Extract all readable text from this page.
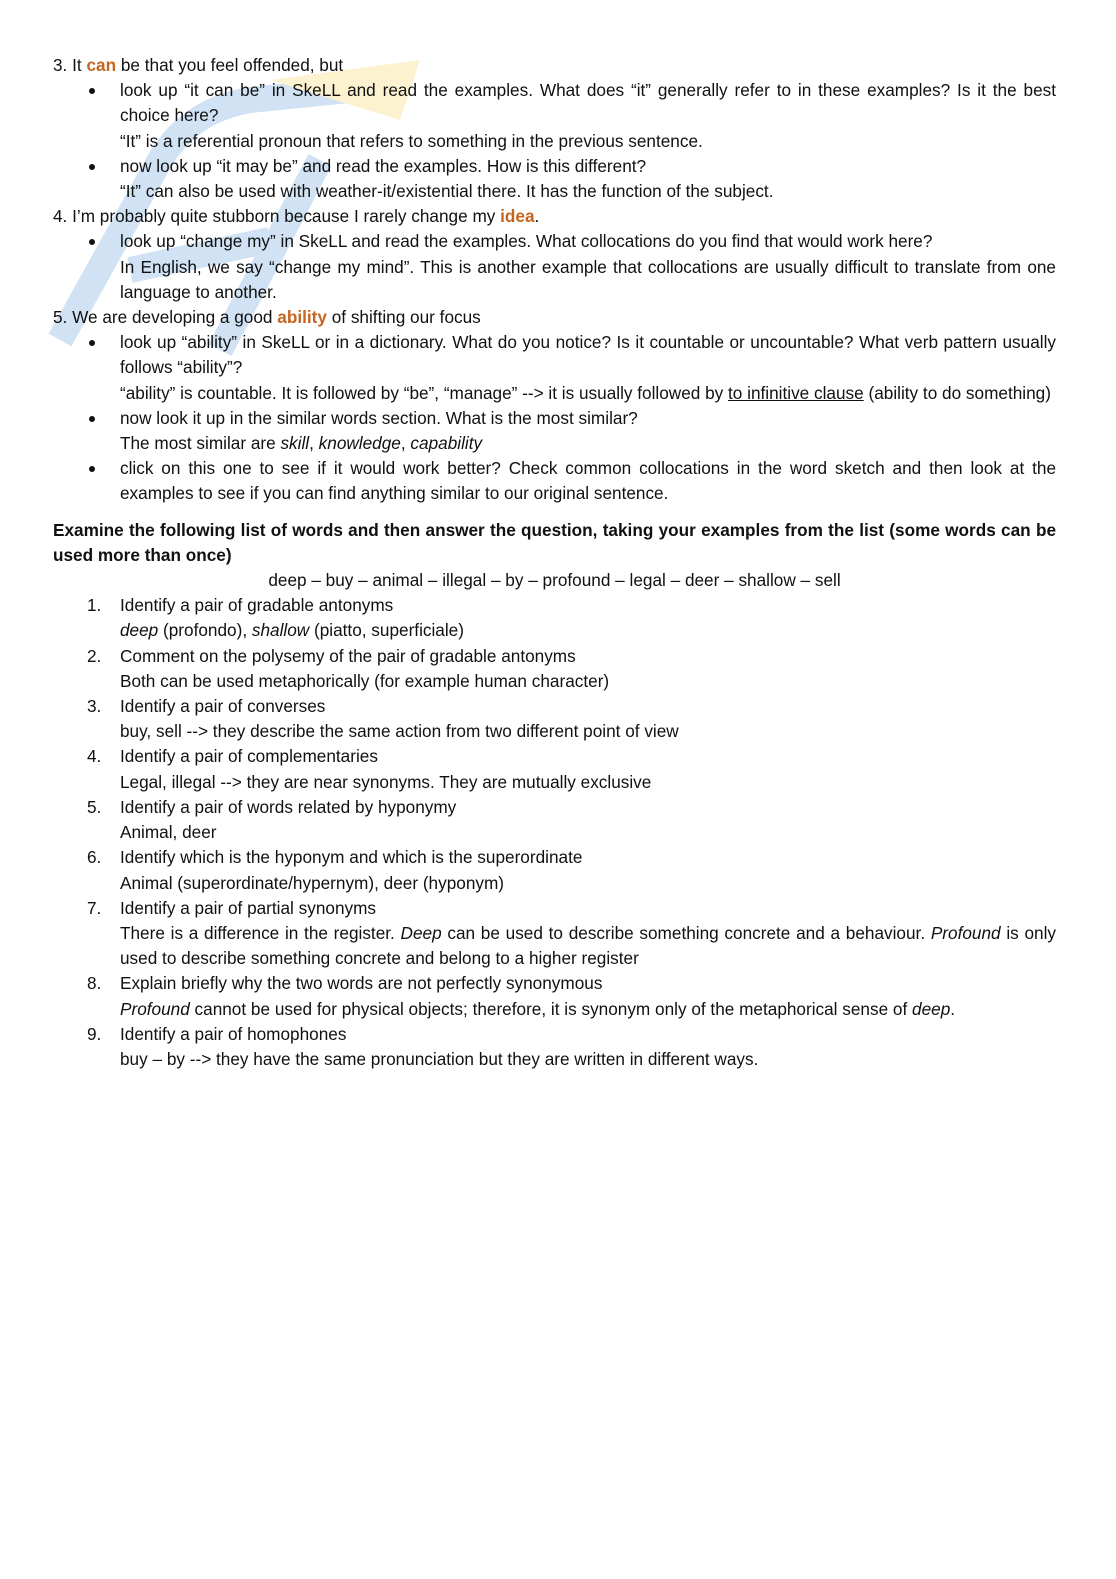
3. It can be that you feel offended, but
look up “it can be” in SkeLL and read the examples. What does “it” generally refer to in these examples? Is it the best choice here?
“It” is a referential pronoun that refers to something in the previous sentence.
now look up “it may be” and read the examples. How is this different?
“It” can also be used with weather-it/existential there. It has the function of the subject.
4. I’m probably quite stubborn because I rarely change my idea.
look up “change my” in SkeLL and read the examples. What collocations do you find that would work here?
In English, we say “change my mind”. This is another example that collocations are usually difficult to translate from one language to another.
5. We are developing a good ability of shifting our focus
look up “ability” in SkeLL or in a dictionary. What do you notice? Is it countable or uncountable? What verb pattern usually follows “ability”?
“ability” is countable. It is followed by “be”, “manage” --> it is usually followed by to infinitive clause (ability to do something)
now look it up in the similar words section. What is the most similar?
The most similar are skill, knowledge, capability
click on this one to see if it would work better? Check common collocations in the word sketch and then look at the examples to see if you can find anything similar to our original sentence.
Examine the following list of words and then answer the question, taking your examples from the list (some words can be used more than once)
deep – buy – animal – illegal – by – profound – legal – deer – shallow – sell
1. Identify a pair of gradable antonyms
deep (profondo), shallow (piatto, superficiale)
2. Comment on the polysemy of the pair of gradable antonyms
Both can be used metaphorically (for example human character)
3. Identify a pair of converses
buy, sell --> they describe the same action from two different point of view
4. Identify a pair of complementaries
Legal, illegal --> they are near synonyms. They are mutually exclusive
5. Identify a pair of words related by hyponymy
Animal, deer
6. Identify which is the hyponym and which is the superordinate
Animal (superordinate/hypernym), deer (hyponym)
7. Identify a pair of partial synonyms
There is a difference in the register. Deep can be used to describe something concrete and a behaviour. Profound is only used to describe something concrete and belong to a higher register
8. Explain briefly why the two words are not perfectly synonymous
Profound cannot be used for physical objects; therefore, it is synonym only of the metaphorical sense of deep.
9. Identify a pair of homophones
buy – by --> they have the same pronunciation but they are written in different ways.
